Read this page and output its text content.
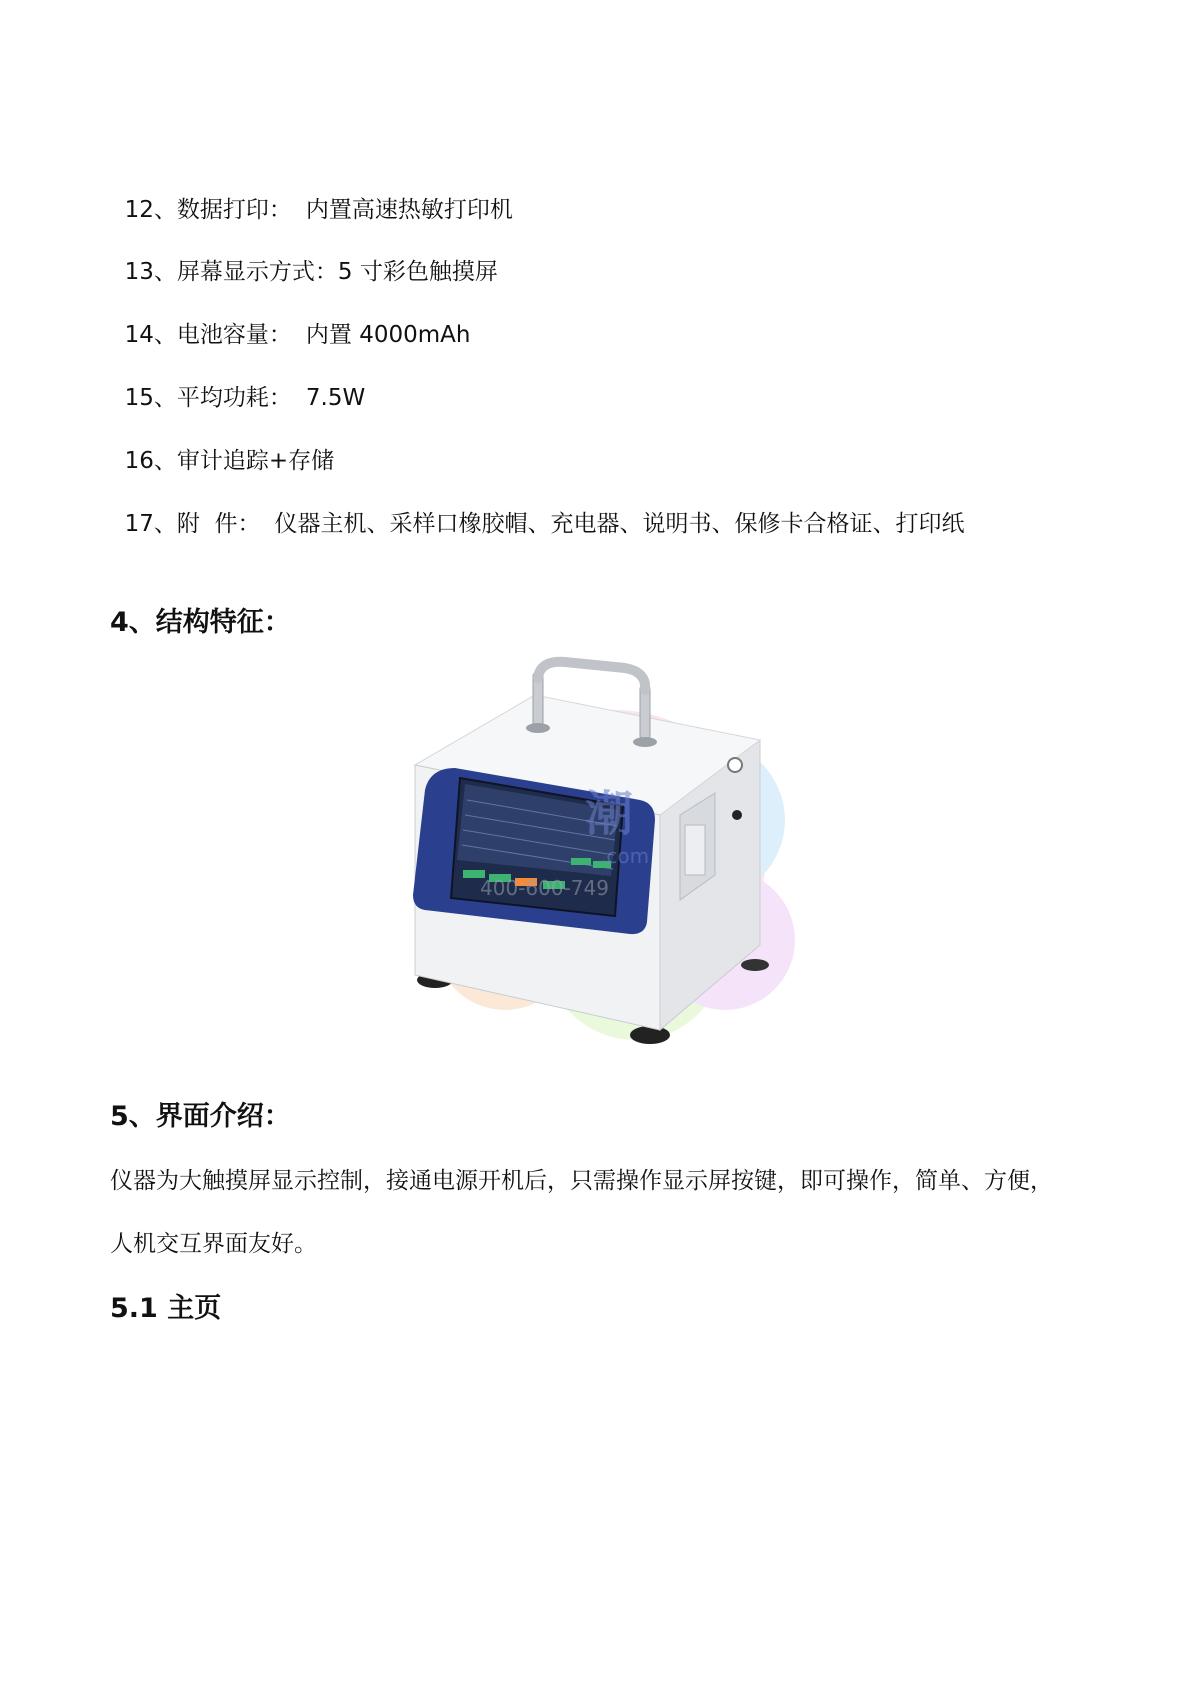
12、数据打印： 内置高速热敏打印机

13、屏幕显示方式：5 寸彩色触摸屏

14、电池容量： 内置 4000mAh

15、平均功耗： 7.5W

16、审计追踪+存储

17、附  件： 仪器主机、采样口橡胶帽、充电器、说明书、保修卡合格证、打印纸

4、结构特征：
潮
.com
400-600-749
5、界面介绍：
仪器为大触摸屏显示控制，接通电源开机后，只需操作显示屏按键，即可操作，简单、方便，
人机交互界面友好。
5.1 主页
